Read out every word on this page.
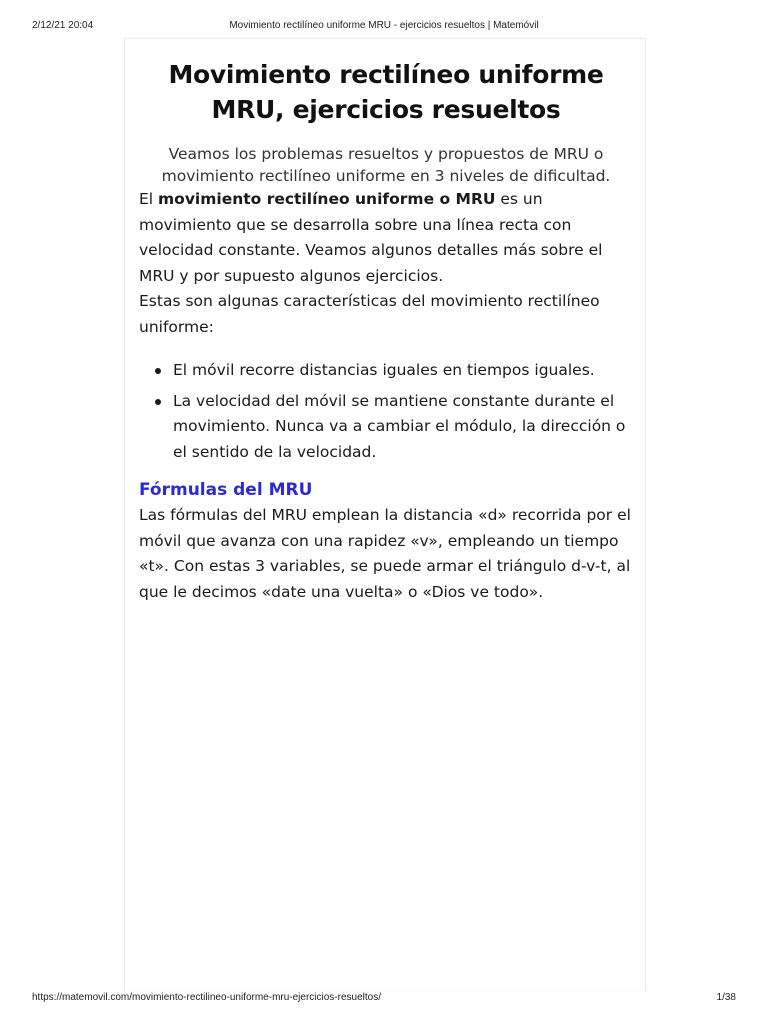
2/12/21 20:04	Movimiento rectilíneo uniforme MRU - ejercicios resueltos | Matemóvil
Movimiento rectilíneo uniforme MRU, ejercicios resueltos

Veamos los problemas resueltos y propuestos de MRU o movimiento rectilíneo uniforme en 3 niveles de dificultad.

El movimiento rectilíneo uniforme o MRU es un movimiento que se desarrolla sobre una línea recta con velocidad constante. Veamos algunos detalles más sobre el MRU y por supuesto algunos ejercicios.

Estas son algunas características del movimiento rectilíneo uniforme:

El móvil recorre distancias iguales en tiempos iguales.
La velocidad del móvil se mantiene constante durante el movimiento. Nunca va a cambiar el módulo, la dirección o el sentido de la velocidad.
Fórmulas del MRU

Las fórmulas del MRU emplean la distancia «d» recorrida por el móvil que avanza con una rapidez «v», empleando un tiempo «t». Con estas 3 variables, se puede armar el triángulo d-v-t, al que le decimos «date una vuelta» o «Dios ve todo».

https://matemovil.com/movimiento-rectilineo-uniforme-mru-ejercicios-resueltos/	1/38
